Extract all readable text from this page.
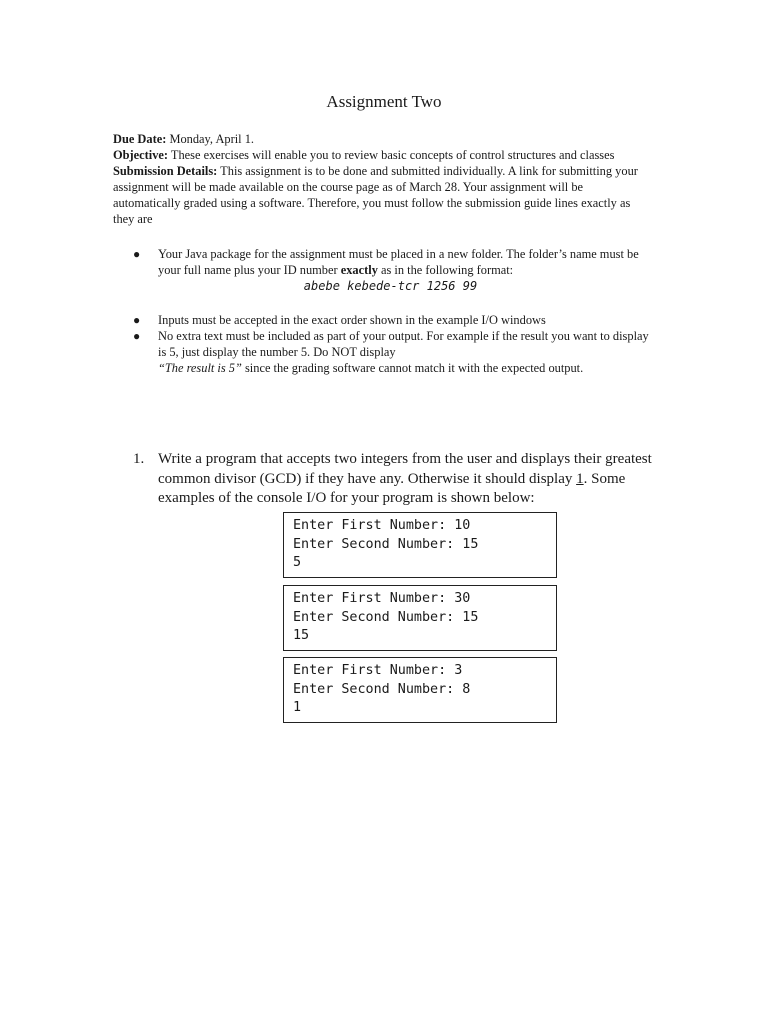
Assignment Two

Due Date: Monday, April 1.

Objective: These exercises will enable you to review basic concepts of control structures and classes

Submission Details: This assignment is to be done and submitted individually. A link for submitting your assignment will be made available on the course page as of March 28. Your assignment will be automatically graded using a software. Therefore, you must follow the submission guide lines exactly as they are

● Your Java package for the assignment must be placed in a new folder. The folder’s name must be your full name plus your ID number exactly as in the following format:
abebe kebede-tcr 1256 99
● Inputs must be accepted in the exact order shown in the example I/O windows
● No extra text must be included as part of your output. For example if the result you want to display is 5, just display the number 5. Do NOT display
“The result is 5” since the grading software cannot match it with the expected output.
1. Write a program that accepts two integers from the user and displays their greatest common divisor (GCD) if they have any. Otherwise it should display 1. Some examples of the console I/O for your program is shown below:
Enter First Number: 10
Enter Second Number: 15
5
Enter First Number: 30
Enter Second Number: 15
15
Enter First Number: 3
Enter Second Number: 8
1
